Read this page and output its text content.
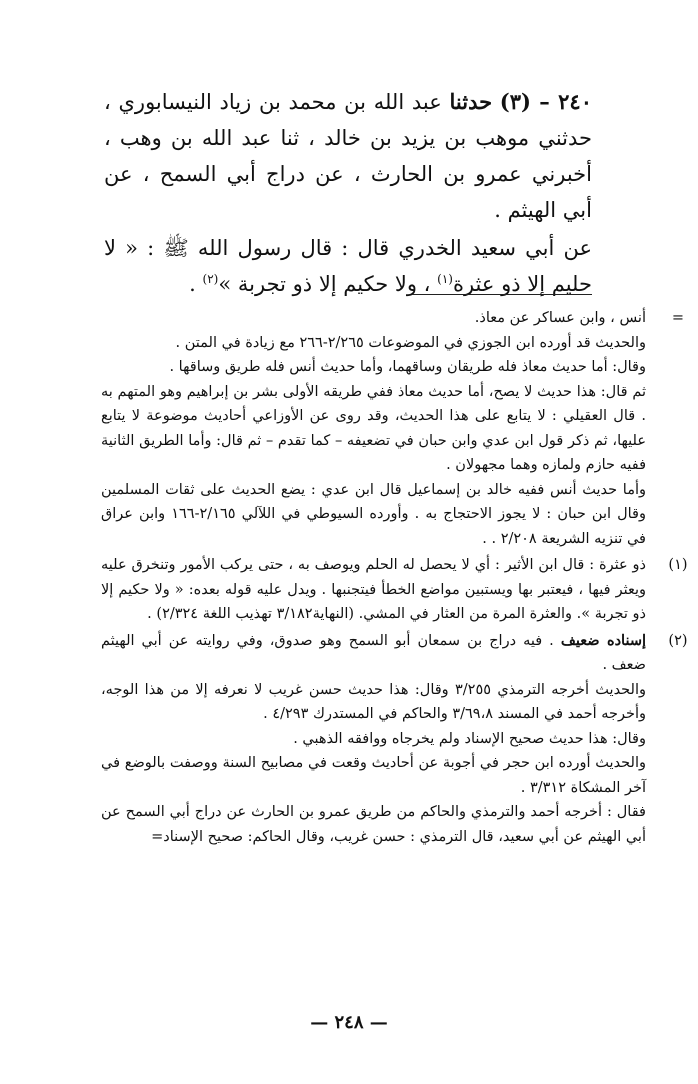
٢٤٠ – (٣) حدثنا عبد الله بن محمد بن زياد النيسابوري ، حدثني موهب بن يزيد بن خالد ، ثنا عبد الله بن وهب ، أخبرني عمرو بن الحارث ، عن دراج أبي السمح ، عن أبي الهيثم .

عن أبي سعيد الخدري قال : قال رسول الله ﷺ : « لا حليم إلا ذو عثرة$^{(١)}$ ، ولا حكيم إلا ذو تجربة »$^{(٢)}$ .

=

أنس ، وابن عساكر عن معاذ.

والحديث قد أورده ابن الجوزي في الموضوعات ٢/٢٦٥-٢٦٦ مع زيادة في المتن .

وقال: أما حديث معاذ فله طريقان وساقهما، وأما حديث أنس فله طريق وساقها .

ثم قال: هذا حديث لا يصح، أما حديث معاذ ففي طريقه الأولى بشر بن إبراهيم وهو المتهم به . قال العقيلي : لا يتابع على هذا الحديث، وقد روى عن الأوزاعي أحاديث موضوعة لا يتابع عليها، ثم ذكر قول ابن عدي وابن حبان في تضعيفه – كما تقدم – ثم قال: وأما الطريق الثانية ففيه حازم ولمازه وهما مجهولان .

وأما حديث أنس ففيه خالد بن إسماعيل قال ابن عدي : يضع الحديث على ثقات المسلمين وقال ابن حبان : لا يجوز الاحتجاج به . وأورده السيوطي في اللآلي ٢/١٦٥-١٦٦ وابن عراق في تنزيه الشريعة ٢/٢٠٨ . .

(١)

ذو عثرة : قال ابن الأثير : أي لا يحصل له الحلم ويوصف به ، حتى يركب الأمور وتنخرق عليه ويعثر فيها ، فيعتبر بها ويستبين مواضع الخطأ فيتجنبها . ويدل عليه قوله بعده: « ولا حكيم إلا ذو تجربة ». والعثرة المرة من العثار في المشي. (النهاية٣/١٨٢ تهذيب اللغة ٢/٣٢٤) .

(٢)

إسناده ضعيف . فيه دراج بن سمعان أبو السمح وهو صدوق، وفي روايته عن أبي الهيثم ضعف .

والحديث أخرجه الترمذي ٣/٢٥٥ وقال: هذا حديث حسن غريب لا نعرفه إلا من هذا الوجه، وأخرجه أحمد في المسند ٣/٦٩،٨ والحاكم في المستدرك ٤/٢٩٣ .

وقال: هذا حديث صحيح الإسناد ولم يخرجاه ووافقه الذهبي .

والحديث أورده ابن حجر في أجوبة عن أحاديث وقعت في مصابيح السنة ووصفت بالوضع في آخر المشكاة ٣/٣١٢ .

فقال : أخرجه أحمد والترمذي والحاكم من طريق عمرو بن الحارث عن دراج أبي السمح عن أبي الهيثم عن أبي سعيد، قال الترمذي : حسن غريب، وقال الحاكم: صحيح الإسناد=

— ٢٤٨ —
